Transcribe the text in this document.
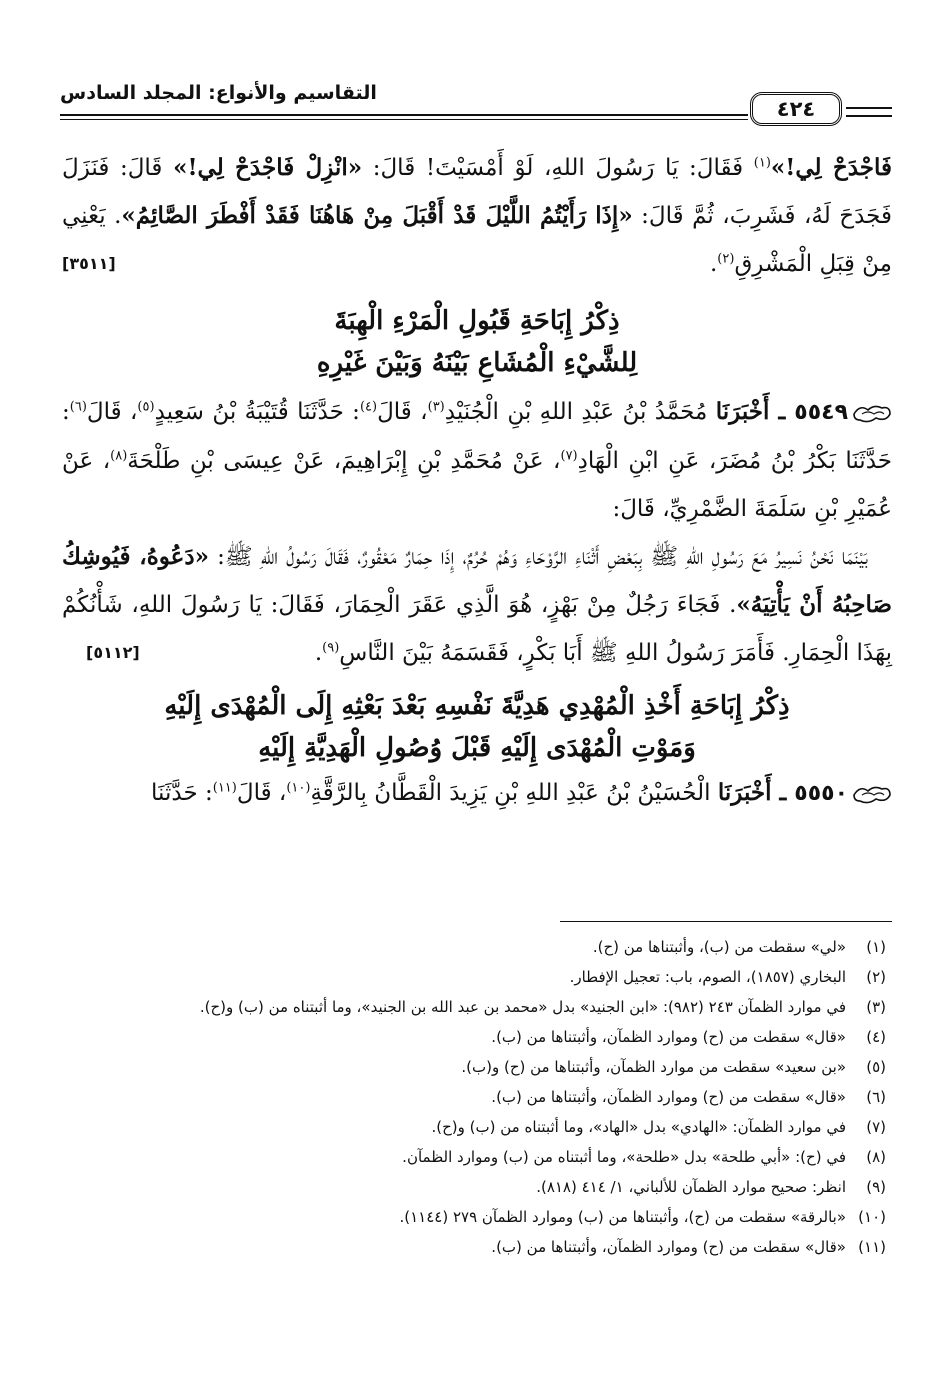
التقاسيم والأنواع: المجلد السادس
٤٢٤

فَاجْدَحْ لِي!»$^{(١)}$ فَقَالَ: يَا رَسُولَ اللهِ، لَوْ أَمْسَيْتَ! قَالَ: «انْزِلْ فَاجْدَحْ لِي!» قَالَ: فَنَزَلَ فَجَدَحَ لَهُ، فَشَرِبَ، ثُمَّ قَالَ: «إِذَا رَأَيْتُمُ اللَّيْلَ قَدْ أَقْبَلَ مِنْ هَاهُنَا فَقَدْ أَفْطَرَ الصَّائِمُ». يَعْنِي مِنْ قِبَلِ الْمَشْرِقِ$^{(٢)}$.
[٣٥١١]

ذِكْرُ إِبَاحَةِ قَبُولِ الْمَرْءِ الْهِبَةَ
لِلشَّيْءِ الْمُشَاعِ بَيْنَهُ وَبَيْنَ غَيْرِهِ

٥٥٤٩ ـ أَخْبَرَنَا مُحَمَّدُ بْنُ عَبْدِ اللهِ بْنِ الْجُنَيْدِ$^{(٣)}$، قَالَ$^{(٤)}$: حَدَّثَنَا قُتَيْبَةُ بْنُ سَعِيدٍ$^{(٥)}$، قَالَ$^{(٦)}$: حَدَّثَنَا بَكْرُ بْنُ مُضَرَ، عَنِ ابْنِ الْهَادِ$^{(٧)}$، عَنْ مُحَمَّدِ بْنِ إِبْرَاهِيمَ، عَنْ عِيسَى بْنِ طَلْحَةَ$^{(٨)}$، عَنْ عُمَيْرِ بْنِ سَلَمَةَ الضَّمْرِيِّ، قَالَ:

بَيْنَمَا نَحْنُ نَسِيرُ مَعَ رَسُولِ اللهِ ﷺ بِبَعْضِ أَثْنَاءِ الرَّوْحَاءِ وَهُمْ حُرُمٌ، إِذَا حِمَارٌ مَعْقُورٌ، فَقَالَ رَسُولُ اللهِ ﷺ: «دَعُوهُ، فَيُوشِكُ صَاحِبُهُ أَنْ يَأْتِيَهُ». فَجَاءَ رَجُلٌ مِنْ بَهْزٍ، هُوَ الَّذِي عَقَرَ الْحِمَارَ، فَقَالَ: يَا رَسُولَ اللهِ، شَأْنُكُمْ بِهَذَا الْحِمَارِ. فَأَمَرَ رَسُولُ اللهِ ﷺ أَبَا بَكْرٍ، فَقَسَمَهُ بَيْنَ النَّاسِ$^{(٩)}$.
[٥١١٢]

ذِكْرُ إِبَاحَةِ أَخْذِ الْمُهْدِي هَدِيَّةَ نَفْسِهِ بَعْدَ بَعْثِهِ إِلَى الْمُهْدَى إِلَيْهِ
وَمَوْتِ الْمُهْدَى إِلَيْهِ قَبْلَ وُصُولِ الْهَدِيَّةِ إِلَيْهِ

٥٥٥٠ ـ أَخْبَرَنَا الْحُسَيْنُ بْنُ عَبْدِ اللهِ بْنِ يَزِيدَ الْقَطَّانُ بِالرَّقَّةِ$^{(١٠)}$، قَالَ$^{(١١)}$: حَدَّثَنَا

(١)
«لي» سقطت من (ب)، وأثبتناها من (ح).
(٢)
البخاري (١٨٥٧)، الصوم، باب: تعجيل الإفطار.
(٣)
في موارد الظمآن ٢٤٣ (٩٨٢): «ابن الجنيد» بدل «محمد بن عبد الله بن الجنيد»، وما أثبتناه من (ب) و(ح).
(٤)
«قال» سقطت من (ح) وموارد الظمآن، وأثبتناها من (ب).
(٥)
«بن سعيد» سقطت من موارد الظمآن، وأثبتناها من (ح) و(ب).
(٦)
«قال» سقطت من (ح) وموارد الظمآن، وأثبتناها من (ب).
(٧)
في موارد الظمآن: «الهادي» بدل «الهاد»، وما أثبتناه من (ب) و(ح).
(٨)
في (ح): «أبي طلحة» بدل «طلحة»، وما أثبتناه من (ب) وموارد الظمآن.
(٩)
انظر: صحيح موارد الظمآن للألباني، ١/ ٤١٤ (٨١٨).
(١٠)
«بالرقة» سقطت من (ح)، وأثبتناها من (ب) وموارد الظمآن ٢٧٩ (١١٤٤).
(١١)
«قال» سقطت من (ح) وموارد الظمآن، وأثبتناها من (ب).
